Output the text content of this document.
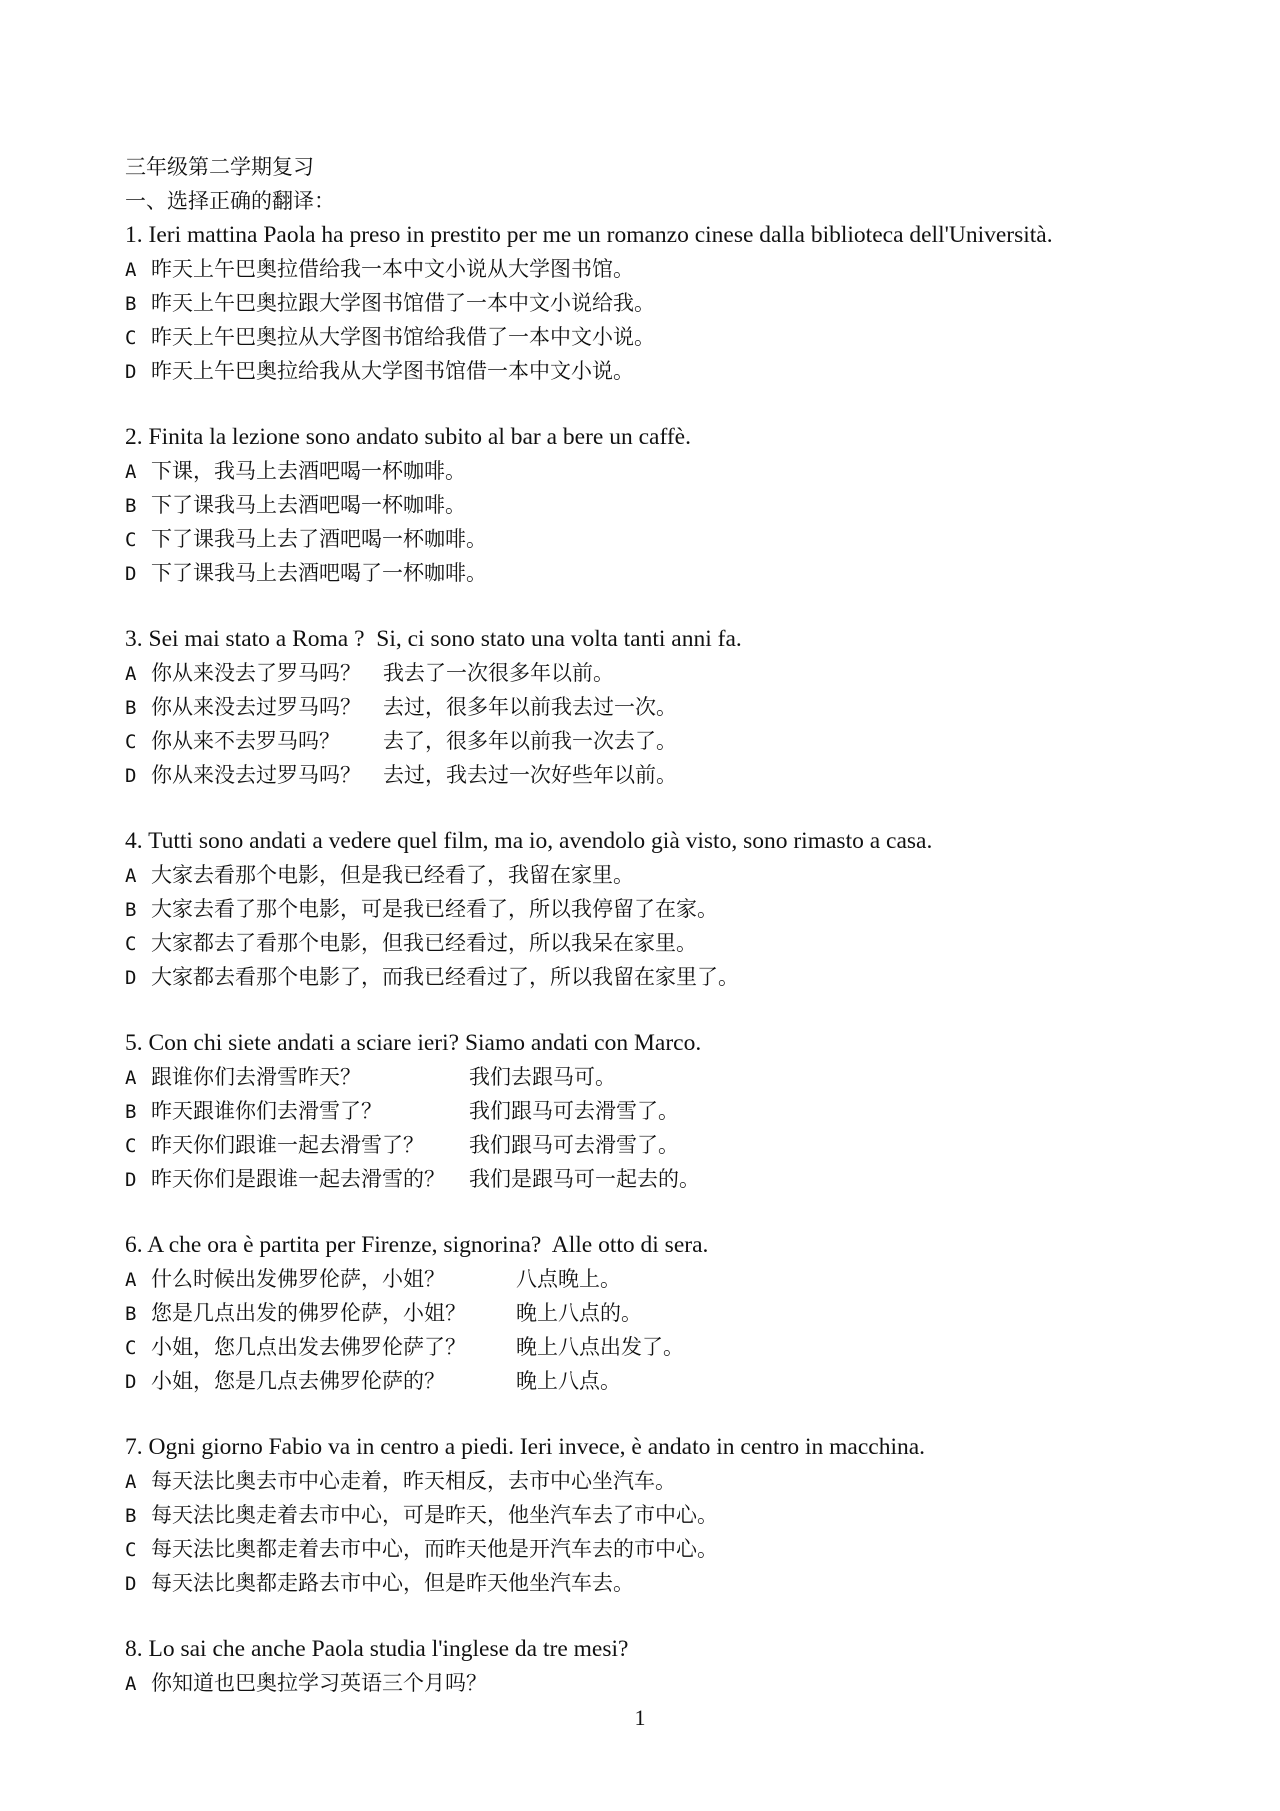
三年级第二学期复习
一、选择正确的翻译：
1. Ieri mattina Paola ha preso in prestito per me un romanzo cinese dalla biblioteca dell'Università.
A 昨天上午巴奥拉借给我一本中文小说从大学图书馆。
B 昨天上午巴奥拉跟大学图书馆借了一本中文小说给我。
C 昨天上午巴奥拉从大学图书馆给我借了一本中文小说。
D 昨天上午巴奥拉给我从大学图书馆借一本中文小说。
2. Finita la lezione sono andato subito al bar a bere un caffè.
A 下课，我马上去酒吧喝一杯咖啡。
B 下了课我马上去酒吧喝一杯咖啡。
C 下了课我马上去了酒吧喝一杯咖啡。
D 下了课我马上去酒吧喝了一杯咖啡。
3. Sei mai stato a Roma ?  Si, ci sono stato una volta tanti anni fa.
A 你从来没去了罗马吗？	我去了一次很多年以前。
B 你从来没去过罗马吗？	去过，很多年以前我去过一次。
C 你从来不去罗马吗？	去了，很多年以前我一次去了。
D 你从来没去过罗马吗？	去过，我去过一次好些年以前。
4. Tutti sono andati a vedere quel film, ma io, avendolo già visto, sono rimasto a casa.
A 大家去看那个电影，但是我已经看了，我留在家里。
B 大家去看了那个电影，可是我已经看了，所以我停留了在家。
C 大家都去了看那个电影，但我已经看过，所以我呆在家里。
D 大家都去看那个电影了，而我已经看过了，所以我留在家里了。
5. Con chi siete andati a sciare ieri? Siamo andati con Marco.
A 跟谁你们去滑雪昨天？	我们去跟马可。
B 昨天跟谁你们去滑雪了？	我们跟马可去滑雪了。
C 昨天你们跟谁一起去滑雪了？	我们跟马可去滑雪了。
D 昨天你们是跟谁一起去滑雪的？	我们是跟马可一起去的。
6. A che ora è partita per Firenze, signorina?  Alle otto di sera.
A 什么时候出发佛罗伦萨，小姐？	八点晚上。
B 您是几点出发的佛罗伦萨，小姐？	晚上八点的。
C 小姐，您几点出发去佛罗伦萨了？	晚上八点出发了。
D 小姐，您是几点去佛罗伦萨的？	晚上八点。
7. Ogni giorno Fabio va in centro a piedi. Ieri invece, è andato in centro in macchina.
A 每天法比奥去市中心走着，昨天相反，去市中心坐汽车。
B 每天法比奥走着去市中心，可是昨天，他坐汽车去了市中心。
C 每天法比奥都走着去市中心，而昨天他是开汽车去的市中心。
D 每天法比奥都走路去市中心，但是昨天他坐汽车去。
8. Lo sai che anche Paola studia l'inglese da tre mesi?
A 你知道也巴奥拉学习英语三个月吗？
1
